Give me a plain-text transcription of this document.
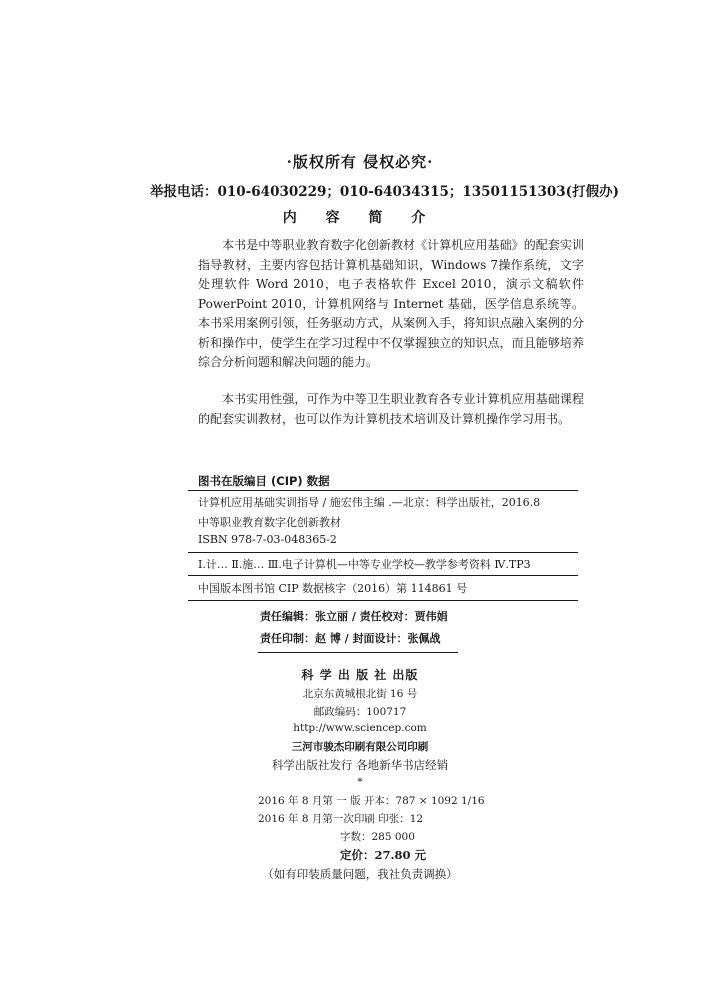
·版权所有 侵权必究·
举报电话：010-64030229；010-64034315；13501151303(打假办)
内 容 简 介
本书是中等职业教育数字化创新教材《计算机应用基础》的配套实训指导教材，主要内容包括计算机基础知识，Windows 7操作系统，文字处理软件 Word 2010，电子表格软件 Excel 2010，演示文稿软件 PowerPoint 2010，计算机网络与 Internet 基础，医学信息系统等。本书采用案例引领，任务驱动方式，从案例入手，将知识点融入案例的分析和操作中，使学生在学习过程中不仅掌握独立的知识点，而且能够培养综合分析问题和解决问题的能力。
本书实用性强，可作为中等卫生职业教育各专业计算机应用基础课程的配套实训教材，也可以作为计算机技术培训及计算机操作学习用书。
图书在版编目 (CIP) 数据
计算机应用基础实训指导 / 施宏伟主编 .—北京：科学出版社，2016.8
中等职业教育数字化创新教材
ISBN 978-7-03-048365-2
Ⅰ.计… Ⅱ.施… Ⅲ.电子计算机—中等专业学校—教学参考资料 Ⅳ.TP3
中国版本图书馆 CIP 数据核字（2016）第 114861 号
责任编辑：张立丽 / 责任校对：贾伟娟
责任印制：赵 博 / 封面设计：张佩战
科 学 出 版 社 出版
北京东黄城根北街 16 号
邮政编码：100717
http://www.sciencep.com
三河市骏杰印刷有限公司印刷
科学出版社发行 各地新华书店经销
*
2016 年 8 月第 一 版 开本：787 × 1092 1/16
2016 年 8 月第一次印刷 印张：12
字数：285 000
定价：27.80 元
（如有印装质量问题，我社负责调换）
